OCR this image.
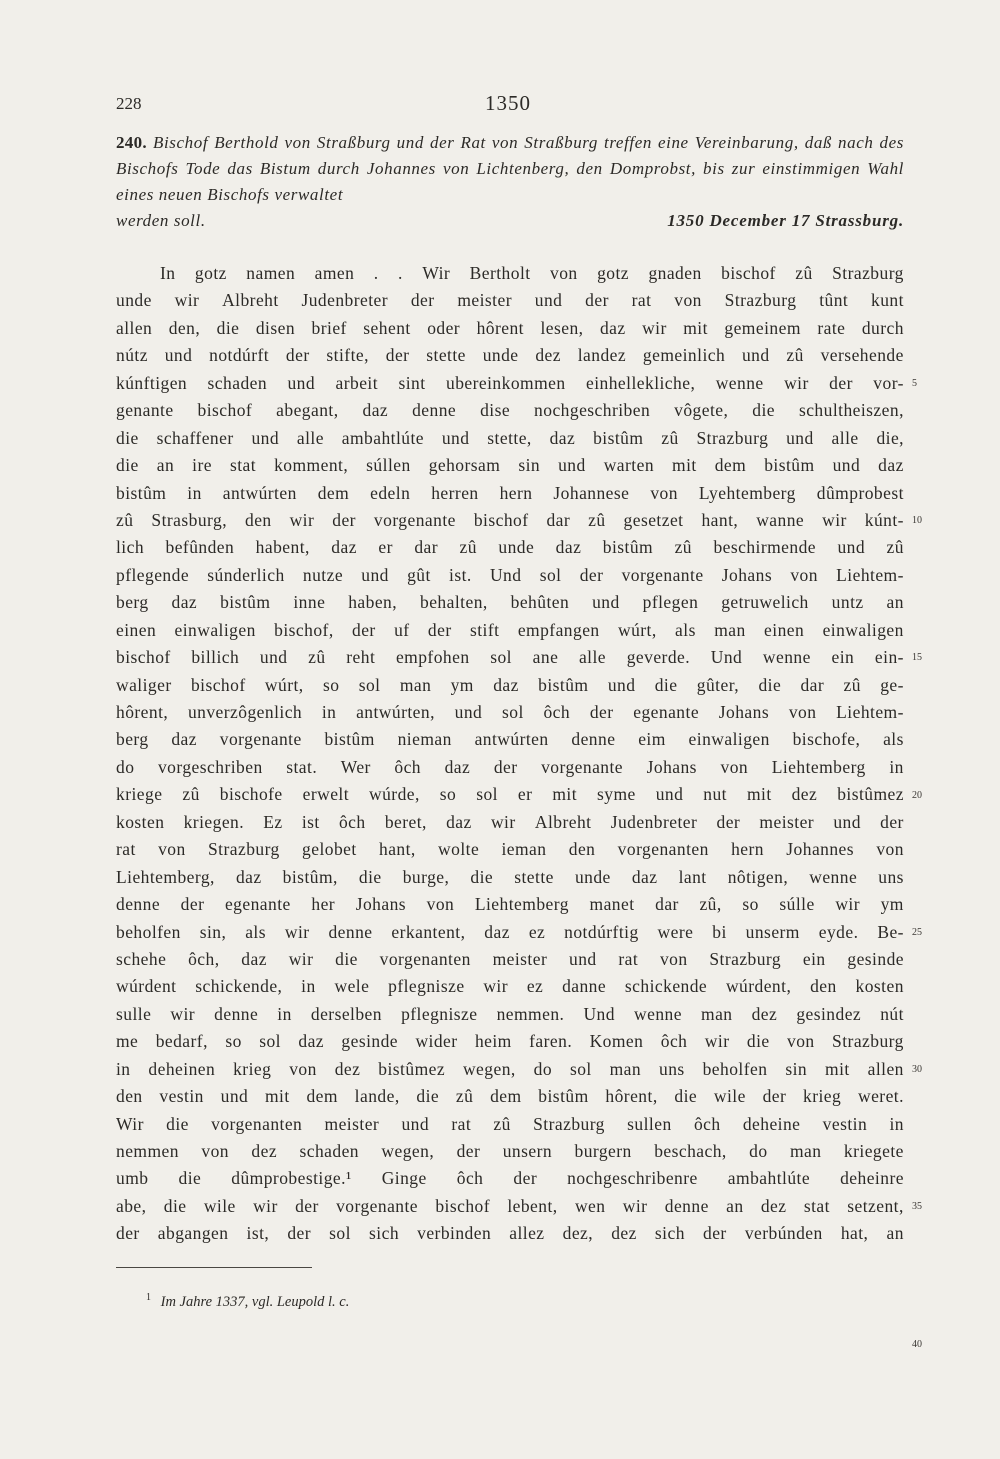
228	1350
240. Bischof Berthold von Straßburg und der Rat von Straßburg treffen eine Vereinbarung, daß nach des Bischofs Tode das Bistum durch Johannes von Lichtenberg, den Domprobst, bis zur einstimmigen Wahl eines neuen Bischofs verwaltet
werden soll.	1350 December 17 Strassburg.
In gotz namen amen . . Wir Bertholt von gotz gnaden bischof zû Strazburg
unde wir Albreht Judenbreter der meister und der rat von Strazburg tûnt kunt
allen den, die disen brief sehent oder hôrent lesen, daz wir mit gemeinem rate durch
nútz und notdúrft der stifte, der stette unde dez landez gemeinlich und zû versehende
kúnftigen schaden und arbeit sint ubereinkommen einhellekliche, wenne wir der vor-
genante bischof abegant, daz denne dise nochgeschriben vôgete, die schultheiszen,
die schaffener und alle ambahtlúte und stette, daz bistûm zû Strazburg und alle die,
die an ire stat komment, súllen gehorsam sin und warten mit dem bistûm und daz
bistûm in antwúrten dem edeln herren hern Johannese von Lyehtemberg dûmprobest
zû Strasburg, den wir der vorgenante bischof dar zû gesetzet hant, wanne wir kúnt-
lich befûnden habent, daz er dar zû unde daz bistûm zû beschirmende und zû
pflegende súnderlich nutze und gût ist. Und sol der vorgenante Johans von Liehtem-
berg daz bistûm inne haben, behalten, behûten und pflegen getruwelich untz an
einen einwaligen bischof, der uf der stift empfangen wúrt, als man einen einwaligen
bischof billich und zû reht empfohen sol ane alle geverde. Und wenne ein ein-
waliger bischof wúrt, so sol man ym daz bistûm und die gûter, die dar zû ge-
hôrent, unverzôgenlich in antwúrten, und sol ôch der egenante Johans von Liehtem-
berg daz vorgenante bistûm nieman antwúrten denne eim einwaligen bischofe, als
do vorgeschriben stat. Wer ôch daz der vorgenante Johans von Liehtemberg in
kriege zû bischofe erwelt wúrde, so sol er mit syme und nut mit dez bistûmez
kosten kriegen. Ez ist ôch beret, daz wir Albreht Judenbreter der meister und der
rat von Strazburg gelobet hant, wolte ieman den vorgenanten hern Johannes von
Liehtemberg, daz bistûm, die burge, die stette unde daz lant nôtigen, wenne uns
denne der egenante her Johans von Liehtemberg manet dar zû, so súlle wir ym
beholfen sin, als wir denne erkantent, daz ez notdúrftig were bi unserm eyde. Be-
schehe ôch, daz wir die vorgenanten meister und rat von Strazburg ein gesinde
wúrdent schickende, in wele pflegnisze wir ez danne schickende wúrdent, den kosten
sulle wir denne in derselben pflegnisze nemmen. Und wenne man dez gesindez nút
me bedarf, so sol daz gesinde wider heim faren. Komen ôch wir die von Strazburg
in deheinen krieg von dez bistûmez wegen, do sol man uns beholfen sin mit allen
den vestin und mit dem lande, die zû dem bistûm hôrent, die wile der krieg weret.
Wir die vorgenanten meister und rat zû Strazburg sullen ôch deheine vestin in
nemmen von dez schaden wegen, der unsern burgern beschach, do man kriegete
umb die dûmprobestige.¹ Ginge ôch der nochgeschribenre ambahtlúte deheinre
abe, die wile wir der vorgenante bischof lebent, wen wir denne an dez stat setzent,
der abgangen ist, der sol sich verbinden allez dez, dez sich der verbúnden hat, an
5
10
15
20
25
30
35
40
$^1$ Im Jahre 1337, vgl. Leupold l. c.
